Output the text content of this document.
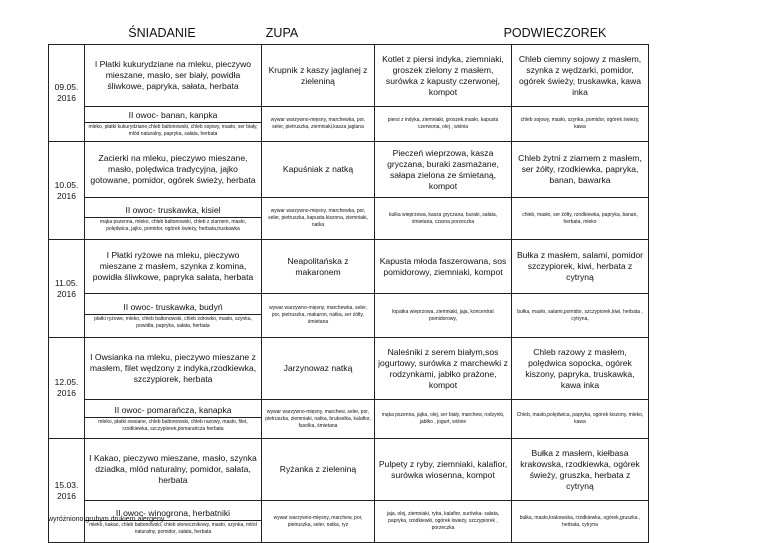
ŚNIADANIE	ZUPA	PODWIECZOREK
09.05.
2016	I Płatki kukurydziane na mleku, pieczywo mieszane, masło, ser biały, powidła śliwkowe, papryka, sałata, herbata	Krupnik z kaszy jaglanej z zieleniną	Kotlet z piersi indyka, ziemniaki, groszek zielony z masłem, surówka z kapusty czerwonej, kompot	Chleb ciemny sojowy z masłem, szynka z wędzarki, pomidor, ogórek świeży, truskawka, kawa inka

	II owoc- banan, kanpka
mleko, płatki kukurydziane,chleb baltonowski, chleb sojowy, masło, ser biały, mlód naturalny, papryka, sałata, herbata	wywar warzywno-mięsny, marchewka, por, seler, pietruszka, ziemniaki,kasza jaglana	piersi z indyka, ziemniaki, groszek,masło, kapusta czerwona, olej , wiśnia	chleb sojowy, masło, szynka, pomidor, ogórek świeży, kawa
10.05.
2016	Zacierki na mleku, pieczywo mieszane, masło, polędwica tradycyjna, jajko gotowane, pomidor, ogórek świeży, herbata	Kapuśniak z natką	Pieczeń wieprzowa, kasza gryczana, buraki zasmażane, sałapa zielona ze śmietaną, kompot	Chleb żytni z ziarnem z masłem, ser żółty, rzodkiewka, papryka, banan, bawarka

	II owoc- truskawka, kisiel
mąka pszenna, mleko, chleb baltonowski, chleb z ziarnem, masło, polędwica, jajko, pomidor, ogórek świeży, herbata,truskawka	wywar warzywno-mięsny, marchewka, por, seler, pietruszka, kapusta kiszona, ziemniaki, natka	kulka wieprzowa, kasza gryczana, buraki, sałata, śmietana, czarna porzeczka	chleb, masło, ser żółty, rzodkiewka, papryka, banan, herbata, mleko
11.05.
2016	I Płatki ryżowe na mleku, pieczywo mieszane z masłem, szynka z komina, powidła śliwkowe, papryka sałata, herbata	Neapolitańska z makaronem	Kapusta młoda faszerowana, sos pomidorowy, ziemniaki, kompot	Bułka z masłem, salami, pomidor szczypiorek, kiwi, herbata z cytryną

	II owoc- truskawka, budyń
płatki ryżowe, mleko, chleb baltonowski, chleb zdrowko, masło, szynka, powidła, papryka, sałata, herbata	wywar warzywno-mięsny, marchewka, seler, por, pietruszka, makaron, natka, ser żółty, śmietana	łopatka wieprzowa, ziemniaki, jaja, koncentrat pomidorowy,	bułka, masło, salami,pomidor, szczypiorek,kiwi, herbata , cytryna,
12.05.
2016	I Owsianka na mleku, pieczywo mieszane z masłem, filet wędzony z indyka,rzodkiewka, szczypiorek, herbata	Jarzynowaz natką	Naleśniki z serem białym,sos jogurtowy, surówka z marchewki z rodzynkami, jabłko prażone, kompot	Chleb razowy z masłem, polędwica sopocka, ogórek kiszony, papryka, truskawka, kawa inka

	II owoc- pomarańcza, kanapka
mleko, płatki owsiane, chleb baltonowski, chleb razowy, masło, filet, rzodkiewka, szczypiorek,pomarańcza herbata	wywar warzywno-mięsny, marchew, seler, por, pietruszka, ziemniaki, natka, brukselka, kalafior, fasolka, śmietana	mąka pszenna, jajka, olej, ser biały, marchew, rodzynki, jabłko , jogurt, wiśnie	Chleb, masło,polędwica, papryka, ogórek kiszony, mleko, kawa
15.03.
2016	I Kakao, pieczywo mieszane, masło, szynka dziadka, mlód naturalny, pomidor, sałata, herbata	Ryżanka z zieleniną	Pulpety z ryby, ziemniaki, kalafior, surówka wiosenna, kompot	Bułka z masłem, kiełbasa krakowska, rzodkiewka, ogórek świeży, gruszka, herbata z cytryną

	II owoc- winogrona, herbatniki
mleko, kakao, chleb baltonowski, chleb słonecznikowy, masło, szynka, mlód naturalny, pomidor, sałata, herbata	wywar warzywno-mięsny, marchew, por, pietruszka, seler, natka, ryż	jaja, olej, ziemniaki, ryba, kalafior, surówka- sałata, papryka, rzodkiewki, ogórek świeży, szczypiorek , porzeczka	bułka, masło,krakowska, rzodkiewka, ogórek,gruszka , herbata, cytryna
wyróżniono grubym drukiem alergeny
